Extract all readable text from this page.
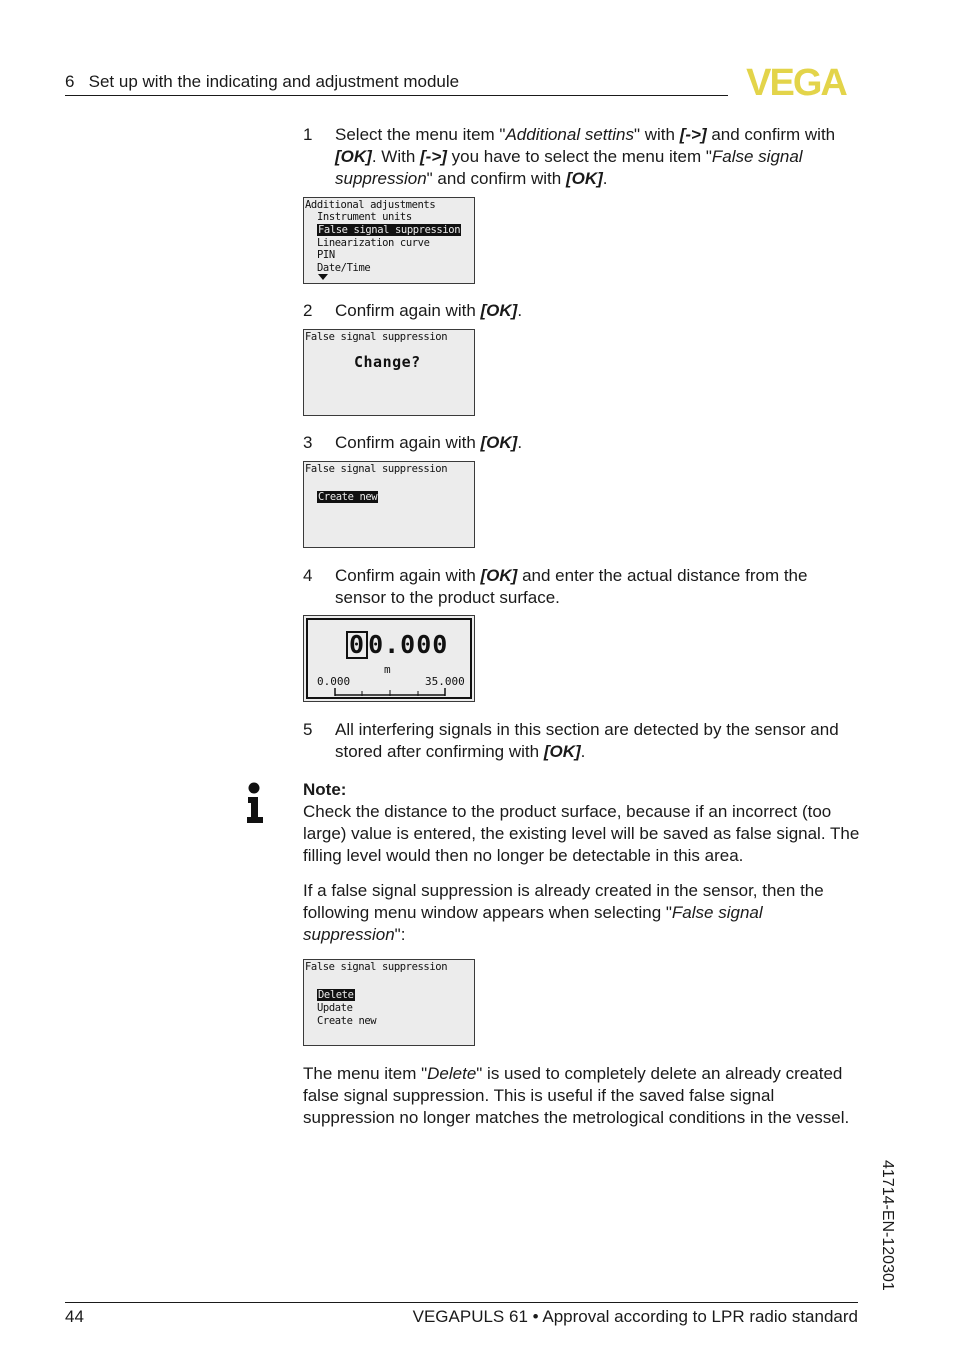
6 Set up with the indicating and adjustment module	VEGA
1 Select the menu item "Additional settins" with [->] and confirm with [OK]. With [->] you have to select the menu item "False signal suppression" and confirm with [OK].
Additional adjustments
Instrument units
False signal suppression
Linearization curve
PIN
Date/Time
2 Confirm again with [OK].
False signal suppression
Change?
3 Confirm again with [OK].
False signal suppression
Create new
4 Confirm again with [OK] and enter the actual distance from the sensor to the product surface.
0 0.000
m
0.000	35.000
5 All interfering signals in this section are detected by the sensor and stored after confirming with [OK].
Note:
Check the distance to the product surface, because if an incorrect (too large) value is entered, the existing level will be saved as false signal. The filling level would then no longer be detectable in this area.
If a false signal suppression is already created in the sensor, then the following menu window appears when selecting "False signal suppression":
False signal suppression
Delete
Update
Create new
The menu item "Delete" is used to completely delete an already created false signal suppression. This is useful if the saved false signal suppression no longer matches the metrological conditions in the vessel.
41714-EN-120301
44	VEGAPULS 61 • Approval according to LPR radio standard
